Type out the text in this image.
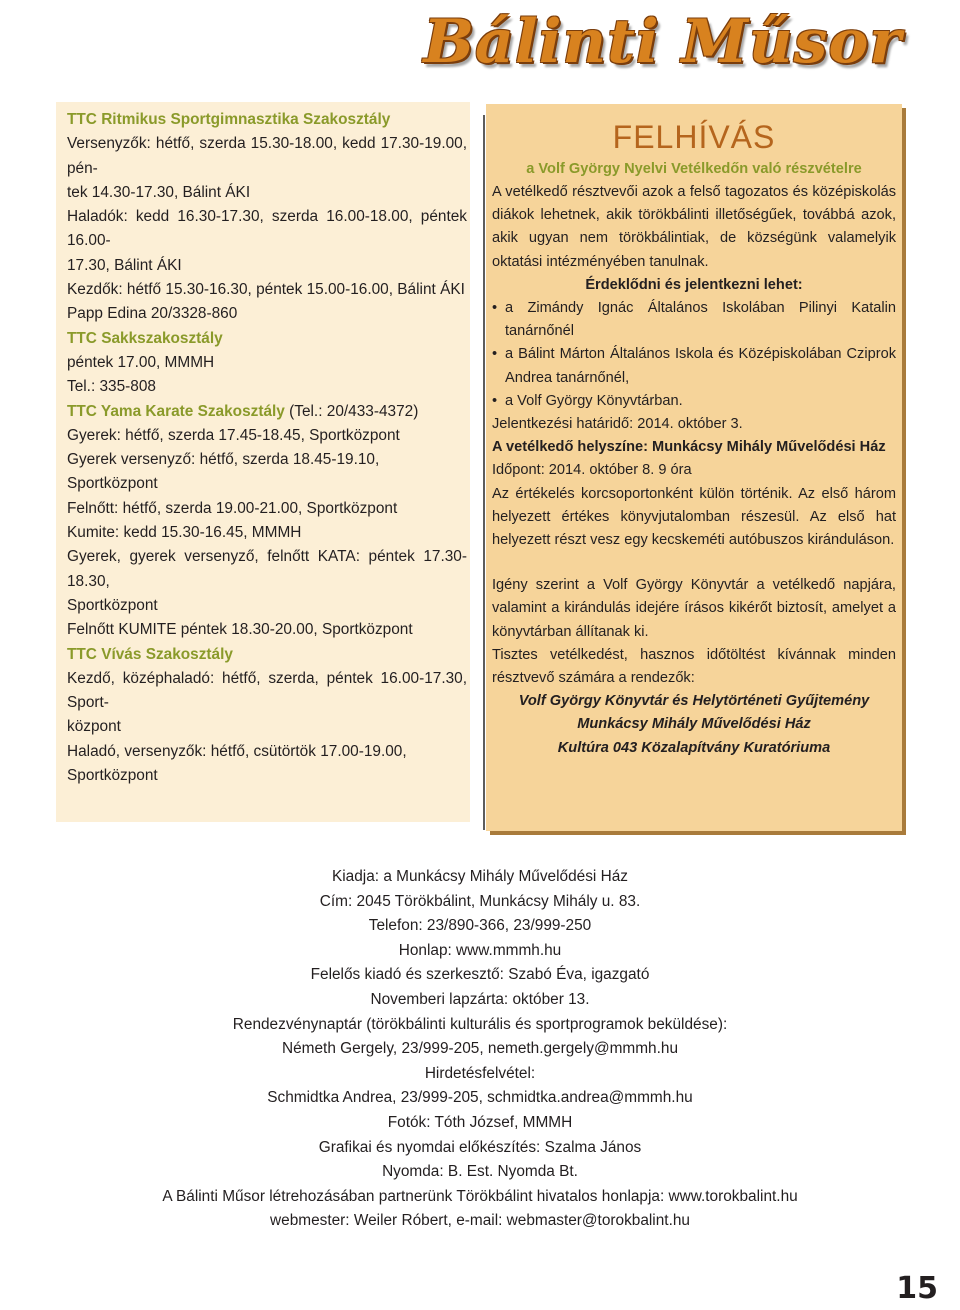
Bálinti Műsor

TTC Ritmikus Sportgimnasztika Szakosztály

Versenyzők: hétfő, szerda 15.30-18.00, kedd 17.30-19.00, pén-

tek 14.30-17.30, Bálint ÁKI

Haladók: kedd 16.30-17.30, szerda 16.00-18.00, péntek 16.00-

17.30, Bálint ÁKI

Kezdők: hétfő 15.30-16.30, péntek 15.00-16.00, Bálint ÁKI

Papp Edina 20/3328-860

TTC Sakkszakosztály

péntek 17.00, MMMH

Tel.: 335-808

TTC Yama Karate Szakosztály (Tel.: 20/433-4372)

Gyerek: hétfő, szerda 17.45-18.45, Sportközpont

Gyerek versenyző: hétfő, szerda 18.45-19.10, Sportközpont

Felnőtt: hétfő, szerda 19.00-21.00, Sportközpont

Kumite: kedd 15.30-16.45, MMMH

Gyerek, gyerek versenyző, felnőtt KATA: péntek 17.30-18.30,

Sportközpont

Felnőtt KUMITE péntek 18.30-20.00, Sportközpont

TTC Vívás Szakosztály

Kezdő, középhaladó: hétfő, szerda, péntek 16.00-17.30, Sport-

központ

Haladó, versenyzők: hétfő, csütörtök 17.00-19.00, Sportközpont

FELHÍVÁS

a Volf György Nyelvi Vetélkedőn való részvételre

A vetélkedő résztvevői azok a felső tagozatos és középiskolás diákok lehetnek, akik törökbálinti illetőségűek, továbbá azok, akik ugyan nem törökbálintiak, de községünk valamelyik oktatási intézményében tanulnak.

Érdeklődni és jelentkezni lehet:

• a Zimándy Ignác Általános Iskolában Pilinyi Katalin tanárnőnél
• a Bálint Márton Általános Iskola és Középiskolában Cziprok Andrea tanárnőnél,
• a Volf György Könyvtárban.

Jelentkezési határidő: 2014. október 3.

A vetélkedő helyszíne: Munkácsy Mihály Művelődési Ház

Időpont: 2014. október 8. 9 óra

Az értékelés korcsoportonként külön történik. Az első három helyezett értékes könyvjutalomban részesül. Az első hat helyezett részt vesz egy kecskeméti autóbuszos kiránduláson.

Igény szerint a Volf György Könyvtár a vetélkedő napjára, valamint a kirándulás idejére írásos kikérőt biztosít, amelyet a könyvtárban állítanak ki.

Tisztes vetélkedést, hasznos időtöltést kívánnak minden résztvevő számára a rendezők:

Volf György Könyvtár és Helytörténeti Gyűjtemény

Munkácsy Mihály Művelődési Ház

Kultúra 043 Közalapítvány Kuratóriuma

Kiadja: a Munkácsy Mihály Művelődési Ház

Cím: 2045 Törökbálint, Munkácsy Mihály u. 83.

Telefon: 23/890-366, 23/999-250

Honlap: www.mmmh.hu

Felelős kiadó és szerkesztő: Szabó Éva, igazgató

Novemberi lapzárta: október 13.

Rendezvénynaptár (törökbálinti kulturális és sportprogramok beküldése):

Németh Gergely, 23/999-205, nemeth.gergely@mmmh.hu

Hirdetésfelvétel:

Schmidtka Andrea, 23/999-205, schmidtka.andrea@mmmh.hu

Fotók: Tóth József, MMMH

Grafikai és nyomdai előkészítés: Szalma János

Nyomda: B. Est. Nyomda Bt.

A Bálinti Műsor létrehozásában partnerünk Törökbálint hivatalos honlapja: www.torokbalint.hu

webmester: Weiler Róbert, e-mail: webmaster@torokbalint.hu

15
